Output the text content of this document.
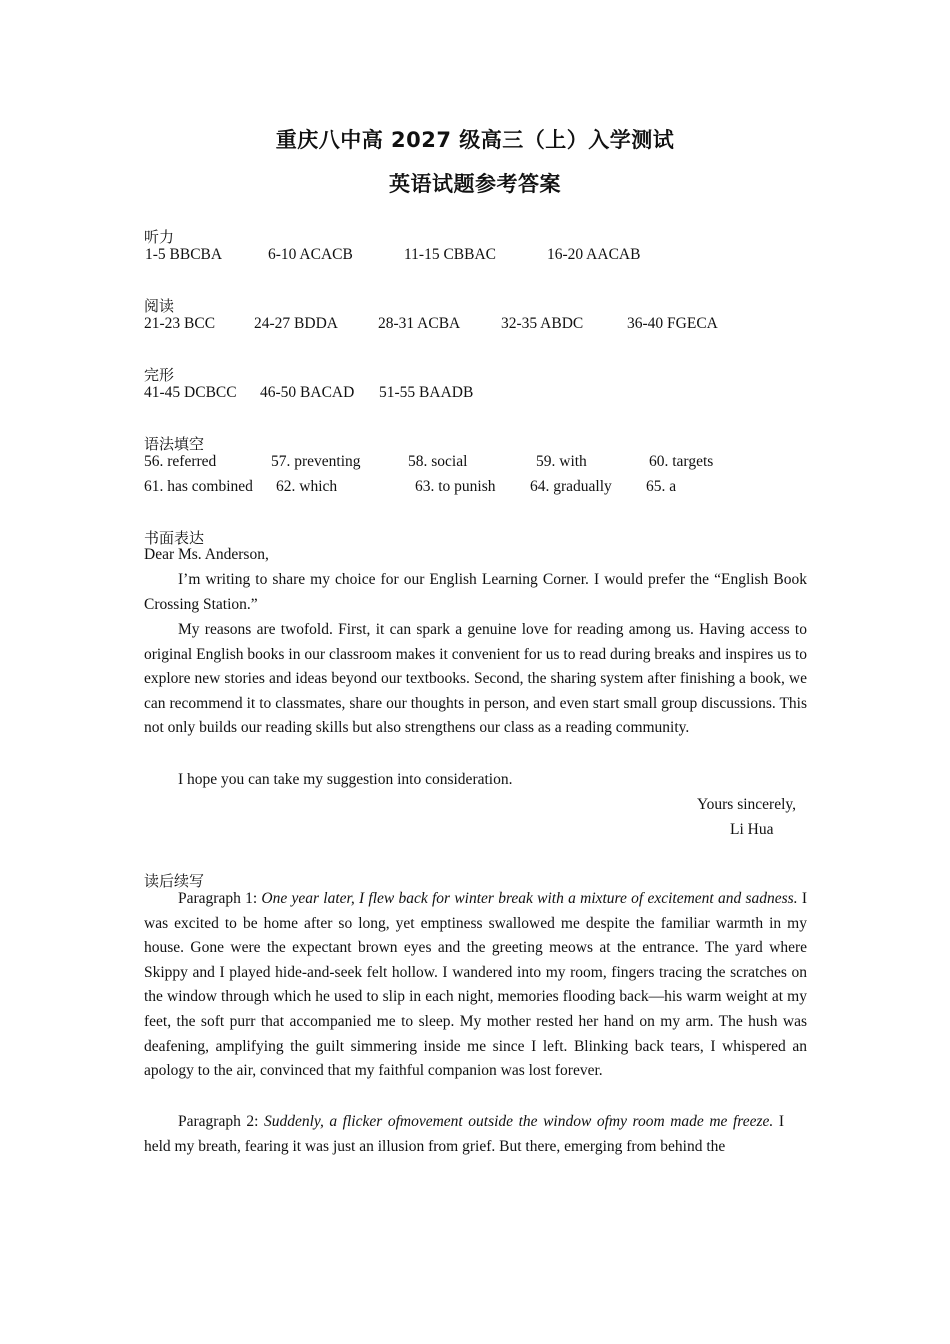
重庆八中高 2027 级高三（上）入学测试
英语试题参考答案
听力
1-5 BBCBA	6-10 ACACB	11-15 CBBAC	16-20 AACAB
阅读
21-23 BCC	24-27 BDDA	28-31 ACBA	32-35 ABDC	36-40 FGECA
完形
41-45 DCBCC 46-50 BACAD 51-55 BAADB
语法填空
56. referred	57. preventing	58. social	59. with	60. targets
61. has combined 62. which	63. to punish 64. gradually 65. a
书面表达
Dear Ms. Anderson,

I’m writing to share my choice for our English Learning Corner. I would prefer the “English Book Crossing Station.”

My reasons are twofold. First, it can spark a genuine love for reading among us. Having access to original English books in our classroom makes it convenient for us to read during breaks and inspires us to explore new stories and ideas beyond our textbooks. Second, the sharing system after finishing a book, we can recommend it to classmates, share our thoughts in person, and even start small group discussions. This not only builds our reading skills but also strengthens our class as a reading community.

I hope you can take my suggestion into consideration.

Yours sincerely,
Li Hua
读后续写

Paragraph 1: One year later, I flew back for winter break with a mixture of excitement and sadness. I was excited to be home after so long, yet emptiness swallowed me despite the familiar warmth in my house. Gone were the expectant brown eyes and the greeting meows at the entrance. The yard where Skippy and I played hide-and-seek felt hollow. I wandered into my room, fingers tracing the scratches on the window through which he used to slip in each night, memories flooding back—his warm weight at my feet, the soft purr that accompanied me to sleep. My mother rested her hand on my arm. The hush was deafening, amplifying the guilt simmering inside me since I left. Blinking back tears, I whispered an apology to the air, convinced that my faithful companion was lost forever.

Paragraph 2: Suddenly, a flicker ofmovement outside the window ofmy room made me freeze. I held my breath, fearing it was just an illusion from grief. But there, emerging from behind the
